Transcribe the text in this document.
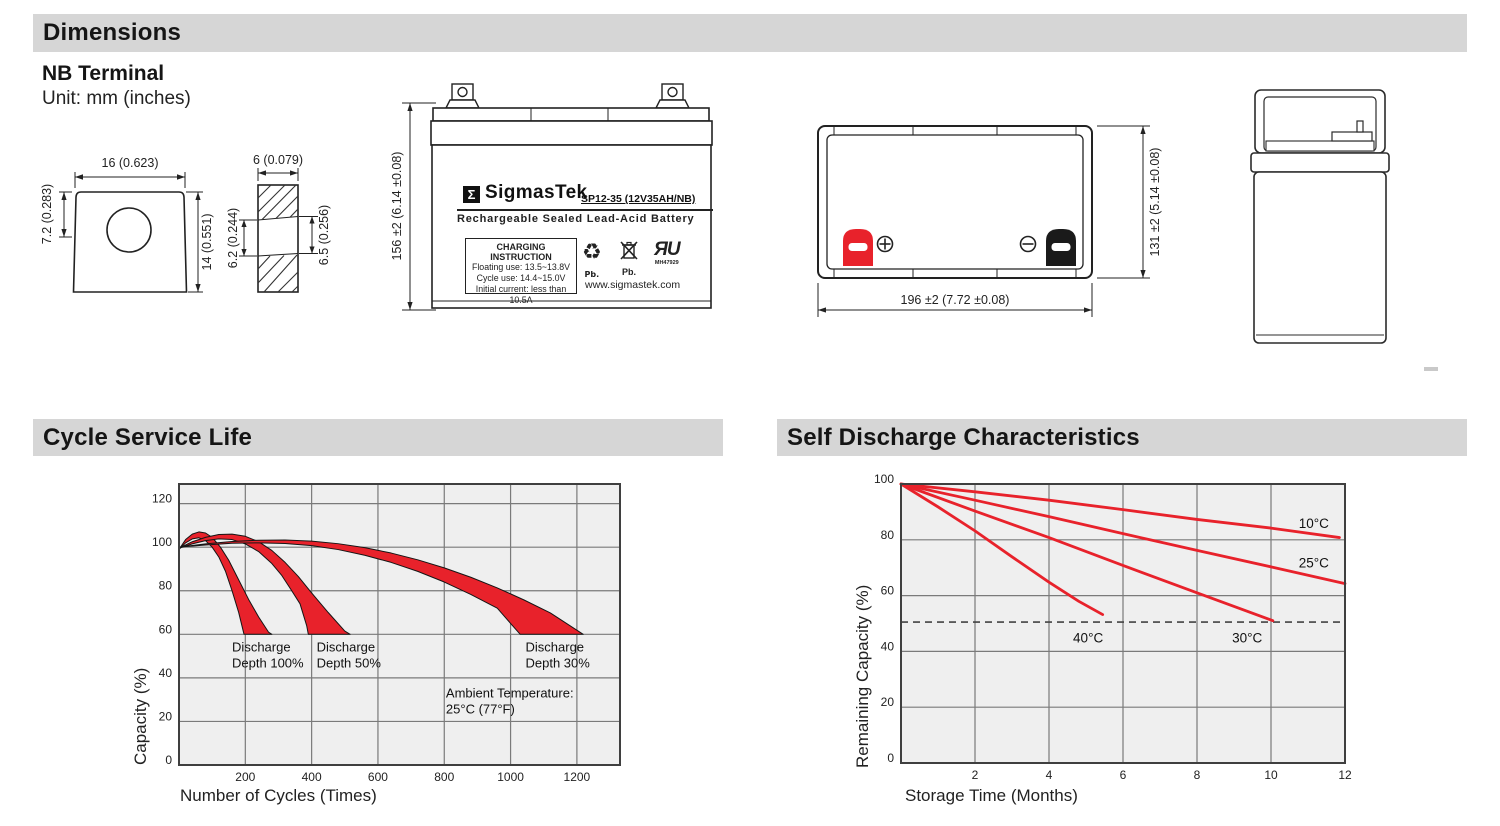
Dimensions
NB Terminal
Unit: mm (inches)
16 (0.623)
7.2 (0.283)	14 (0.551)
6 (0.079)
6.2 (0.244)	6.5 (0.256)	156 ±2 (6.14 ±0.08)	Σ SigmasTek
SP12-35 (12V35AH/NB)
Rechargeable Sealed Lead-Acid Battery
CHARGING INSTRUCTION
Floating use: 13.5~13.8V
Cycle use: 14.4~15.0V
Initial current: less than 10.5A
♻
Pb.	Pb.
ЯU
MH47929
www.sigmastek.com
196 ±2 (7.72 ±0.08)
131 ±2 (5.14 ±0.08)
Cycle Service Life	Self Discharge Characteristics
200	400	600	800	1000	1200
0
20
40
60
80
100
120
Discharge Depth 100%
Discharge Depth 50%
Discharge Depth 30%
Ambient Temperature: 25°C (77°F)
Capacity (%)
Number of Cycles (Times)
2	4	6	8	10	12
0
20
40
60
80
100
10°C
25°C
30°C
40°C
Remaining Capacity (%)
Storage Time (Months)
